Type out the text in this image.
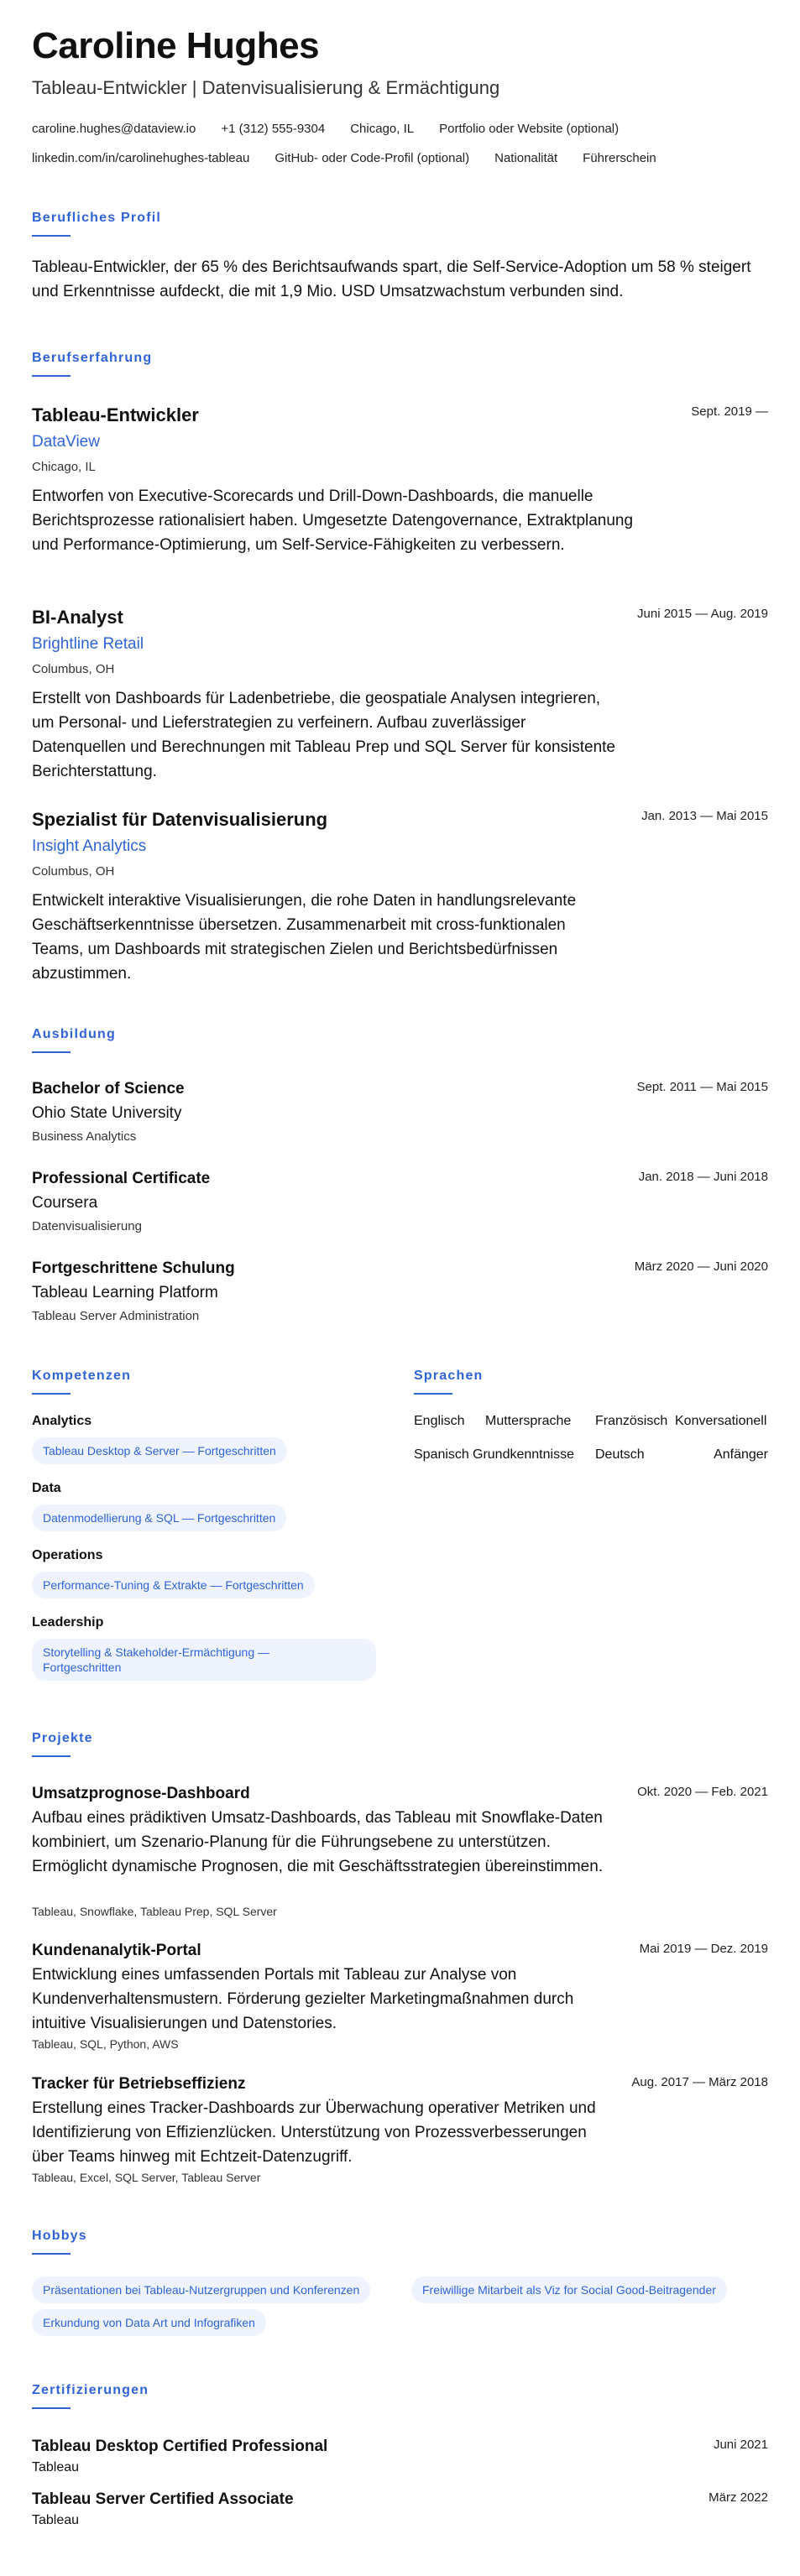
Caroline Hughes
Tableau-Entwickler | Datenvisualisierung & Ermächtigung
caroline.hughes@dataview.io +1 (312) 555-9304 Chicago, IL Portfolio oder Website (optional)
linkedin.com/in/carolinehughes-tableau GitHub- oder Code-Profil (optional) Nationalität Führerschein
Berufliches Profil
Tableau-Entwickler, der 65 % des Berichtsaufwands spart, die Self-Service-Adoption um 58 % steigert und Erkenntnisse aufdeckt, die mit 1,9 Mio. USD Umsatzwachstum verbunden sind.
Berufserfahrung
Tableau-Entwickler
DataView
Chicago, IL
Sept. 2019 —
Entworfen von Executive-Scorecards und Drill-Down-Dashboards, die manuelle Berichtsprozesse rationalisiert haben. Umgesetzte Datengovernance, Extraktplanung und Performance-Optimierung, um Self-Service-Fähigkeiten zu verbessern.
BI-Analyst
Brightline Retail
Columbus, OH
Juni 2015 — Aug. 2019
Erstellt von Dashboards für Ladenbetriebe, die geospatiale Analysen integrieren, um Personal- und Lieferstrategien zu verfeinern. Aufbau zuverlässiger Datenquellen und Berechnungen mit Tableau Prep und SQL Server für konsistente Berichterstattung.
Spezialist für Datenvisualisierung
Insight Analytics
Columbus, OH
Jan. 2013 — Mai 2015
Entwickelt interaktive Visualisierungen, die rohe Daten in handlungsrelevante Geschäftserkenntnisse übersetzen. Zusammenarbeit mit cross-funktionalen Teams, um Dashboards mit strategischen Zielen und Berichtsbedürfnissen abzustimmen.
Ausbildung
Bachelor of Science
Ohio State University
Business Analytics
Sept. 2011 — Mai 2015
Professional Certificate
Coursera
Datenvisualisierung
Jan. 2018 — Juni 2018
Fortgeschrittene Schulung
Tableau Learning Platform
Tableau Server Administration
März 2020 — Juni 2020
Kompetenzen
Analytics
Tableau Desktop & Server — Fortgeschritten
Data
Datenmodellierung & SQL — Fortgeschritten
Operations
Performance-Tuning & Extrakte — Fortgeschritten
Leadership
Storytelling & Stakeholder-Ermächtigung —
Fortgeschritten
Sprachen
Englisch Muttersprache Französisch Konversationell
Spanisch Grundkenntnisse Deutsch	Anfänger
Projekte
Umsatzprognose-Dashboard	Okt. 2020 — Feb. 2021
Aufbau eines prädiktiven Umsatz-Dashboards, das Tableau mit Snowflake-Daten kombiniert, um Szenario-Planung für die Führungsebene zu unterstützen. Ermöglicht dynamische Prognosen, die mit Geschäftsstrategien übereinstimmen.
Tableau, Snowflake, Tableau Prep, SQL Server
Kundenanalytik-Portal	Mai 2019 — Dez. 2019
Entwicklung eines umfassenden Portals mit Tableau zur Analyse von Kundenverhaltensmustern. Förderung gezielter Marketingmaßnahmen durch intuitive Visualisierungen und Datenstories.
Tableau, SQL, Python, AWS
Tracker für Betriebseffizienz	Aug. 2017 — März 2018
Erstellung eines Tracker-Dashboards zur Überwachung operativer Metriken und Identifizierung von Effizienzlücken. Unterstützung von Prozessverbesserungen über Teams hinweg mit Echtzeit-Datenzugriff.
Tableau, Excel, SQL Server, Tableau Server
Hobbys
Präsentationen bei Tableau-Nutzergruppen und Konferenzen	Freiwillige Mitarbeit als Viz for Social Good-Beitragender
Erkundung von Data Art und Infografiken
Zertifizierungen
Tableau Desktop Certified Professional
Tableau
Juni 2021
Tableau Server Certified Associate
Tableau
März 2022
